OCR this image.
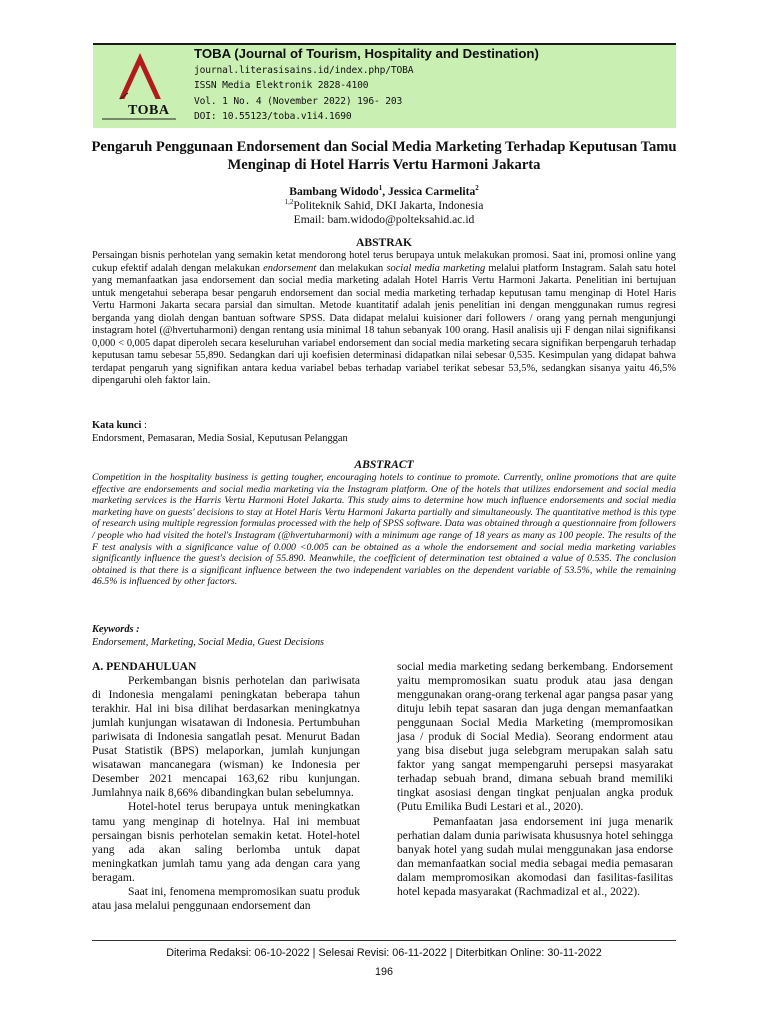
TOBA
TOBA (Journal of Tourism, Hospitality and Destination)
journal.literasisains.id/index.php/TOBA
ISSN Media Elektronik 2828-4100
Vol. 1 No. 4 (November 2022) 196- 203
DOI: 10.55123/toba.v1i4.1690
Pengaruh Penggunaan Endorsement dan Social Media Marketing Terhadap Keputusan Tamu Menginap di Hotel Harris Vertu Harmoni Jakarta
Bambang Widodo$^1$, Jessica Carmelita$^2$
$^{1,2}$Politeknik Sahid, DKI Jakarta, Indonesia
Email: bam.widodo@polteksahid.ac.id
ABSTRAK

Persaingan bisnis perhotelan yang semakin ketat mendorong hotel terus berupaya untuk melakukan promosi. Saat ini, promosi online yang cukup efektif adalah dengan melakukan endorsement dan melakukan social media marketing melalui platform Instagram. Salah satu hotel yang memanfaatkan jasa endorsement dan social media marketing adalah Hotel Harris Vertu Harmoni Jakarta. Penelitian ini bertujuan untuk mengetahui seberapa besar pengaruh endorsement dan social media marketing terhadap keputusan tamu menginap di Hotel Haris Vertu Harmoni Jakarta secara parsial dan simultan. Metode kuantitatif adalah jenis penelitian ini dengan menggunakan rumus regresi berganda yang diolah dengan bantuan software SPSS. Data didapat melalui kuisioner dari followers / orang yang pernah mengunjungi instagram hotel (@hvertuharmoni) dengan rentang usia minimal 18 tahun sebanyak 100 orang. Hasil analisis uji F dengan nilai signifikansi 0,000 < 0,005 dapat diperoleh secara keseluruhan variabel endorsement dan social media marketing secara signifikan berpengaruh terhadap keputusan tamu sebesar 55,890. Sedangkan dari uji koefisien determinasi didapatkan nilai sebesar 0,535. Kesimpulan yang didapat bahwa terdapat pengaruh yang signifikan antara kedua variabel bebas terhadap variabel terikat sebesar 53,5%, sedangkan sisanya yaitu 46,5% dipengaruhi oleh faktor lain.

Kata kunci :
Endorsment, Pemasaran, Media Sosial, Keputusan Pelanggan
ABSTRACT

Competition in the hospitality business is getting tougher, encouraging hotels to continue to promote. Currently, online promotions that are quite effective are endorsements and social media marketing via the Instagram platform. One of the hotels that utilizes endorsement and social media marketing services is the Harris Vertu Harmoni Hotel Jakarta. This study aims to determine how much influence endorsements and social media marketing have on guests' decisions to stay at Hotel Haris Vertu Harmoni Jakarta partially and simultaneously. The quantitative method is this type of research using multiple regression formulas processed with the help of SPSS software. Data was obtained through a questionnaire from followers / people who had visited the hotel's Instagram (@hvertuharmoni) with a minimum age range of 18 years as many as 100 people. The results of the F test analysis with a significance value of 0.000 <0.005 can be obtained as a whole the endorsement and social media marketing variables significantly influence the guest's decision of 55.890. Meanwhile, the coefficient of determination test obtained a value of 0.535. The conclusion obtained is that there is a significant influence between the two independent variables on the dependent variable of 53.5%, while the remaining 46.5% is influenced by other factors.

Keywords :
Endorsement, Marketing, Social Media, Guest Decisions
A. PENDAHULUAN

Perkembangan bisnis perhotelan dan pariwisata di Indonesia mengalami peningkatan beberapa tahun terakhir. Hal ini bisa dilihat berdasarkan meningkatnya jumlah kunjungan wisatawan di Indonesia. Pertumbuhan pariwisata di Indonesia sangatlah pesat. Menurut Badan Pusat Statistik (BPS) melaporkan, jumlah kunjungan wisatawan mancanegara (wisman) ke Indonesia per Desember 2021 mencapai 163,62 ribu kunjungan. Jumlahnya naik 8,66% dibandingkan bulan sebelumnya.

Hotel-hotel terus berupaya untuk meningkatkan tamu yang menginap di hotelnya. Hal ini membuat persaingan bisnis perhotelan semakin ketat. Hotel-hotel yang ada akan saling berlomba untuk dapat meningkatkan jumlah tamu yang ada dengan cara yang beragam.

Saat ini, fenomena mempromosikan suatu produk atau jasa melalui penggunaan endorsement dan

social media marketing sedang berkembang. Endorsement yaitu mempromosikan suatu produk atau jasa dengan menggunakan orang-orang terkenal agar pangsa pasar yang dituju lebih tepat sasaran dan juga dengan memanfaatkan penggunaan Social Media Marketing (mempromosikan jasa / produk di Social Media). Seorang endorment atau yang bisa disebut juga selebgram merupakan salah satu faktor yang sangat mempengaruhi persepsi masyarakat terhadap sebuah brand, dimana sebuah brand memiliki tingkat asosiasi dengan tingkat penjualan angka produk (Putu Emilika Budi Lestari et al., 2020).

Pemanfaatan jasa endorsement ini juga menarik perhatian dalam dunia pariwisata khususnya hotel sehingga banyak hotel yang sudah mulai menggunakan jasa endorse dan memanfaatkan social media sebagai media pemasaran dalam mempromosikan akomodasi dan fasilitas-fasilitas hotel kepada masyarakat (Rachmadizal et al., 2022).

Diterima Redaksi: 06-10-2022 | Selesai Revisi: 06-11-2022 | Diterbitkan Online: 30-11-2022
196
